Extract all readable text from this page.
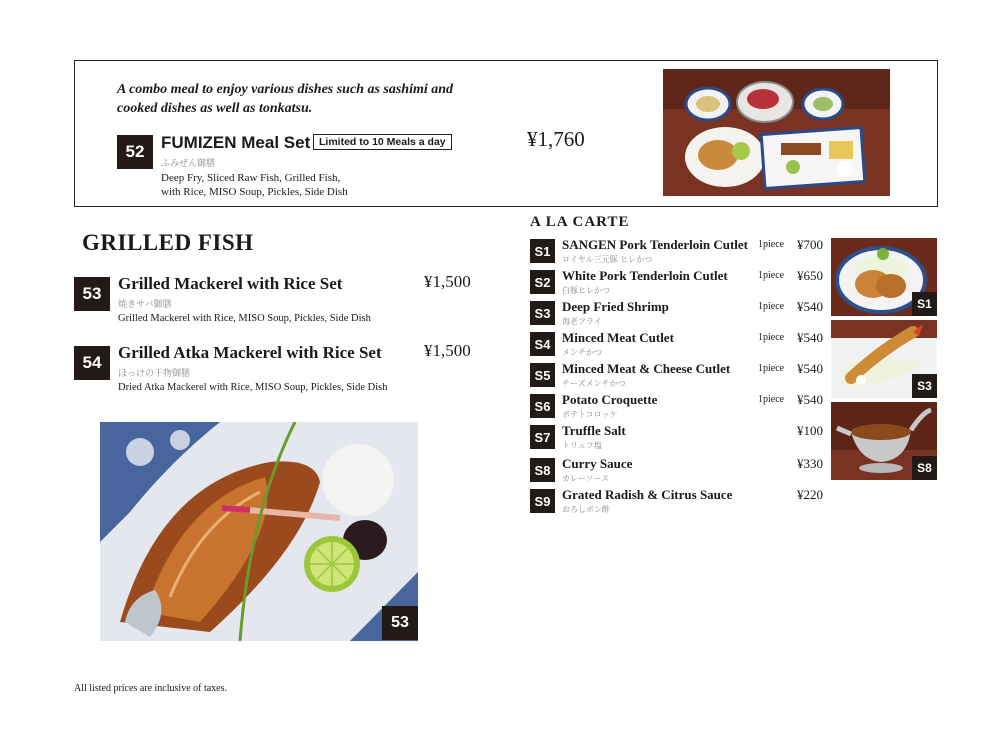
A combo meal to enjoy various dishes such as sashimi and cooked dishes as well as tonkatsu.
52 FUMIZEN Meal Set Limited to 10 Meals a day
ふみぜん御膳
Deep Fry, Sliced Raw Fish, Grilled Fish,
with Rice, MISO Soup, Pickles, Side Dish
¥1,760
GRILLED FISH
53
Grilled Mackerel with Rice Set	¥1,500
焼きサバ御膳
Grilled Mackerel with Rice, MISO Soup, Pickles, Side Dish
54
Grilled Atka Mackerel with Rice Set ¥1,500
ほっけの干物御膳
Dried Atka Mackerel with Rice, MISO Soup, Pickles, Side Dish
53
A LA CARTE
S1 SANGEN Pork Tenderloin Cutlet
ロイヤル三元豚 ヒレかつ
1piece ¥700
S2 White Pork Tenderloin Cutlet
白豚ヒレかつ
1piece ¥650
S3 Deep Fried Shrimp
海老フライ
1piece ¥540
S4 Minced Meat Cutlet
メンチかつ
1piece ¥540
S5 Minced Meat & Cheese Cutlet
チーズメンチかつ
1piece ¥540
S6 Potato Croquette
ポテトコロッケ
1piece ¥540
S7 Truffle Salt
トリュフ塩
¥100
S8 Curry Sauce
カレーソース
¥330
S9 Grated Radish & Citrus Sauce
おろしポン酢
¥220
S1
S3
S8
All listed prices are inclusive of taxes.
